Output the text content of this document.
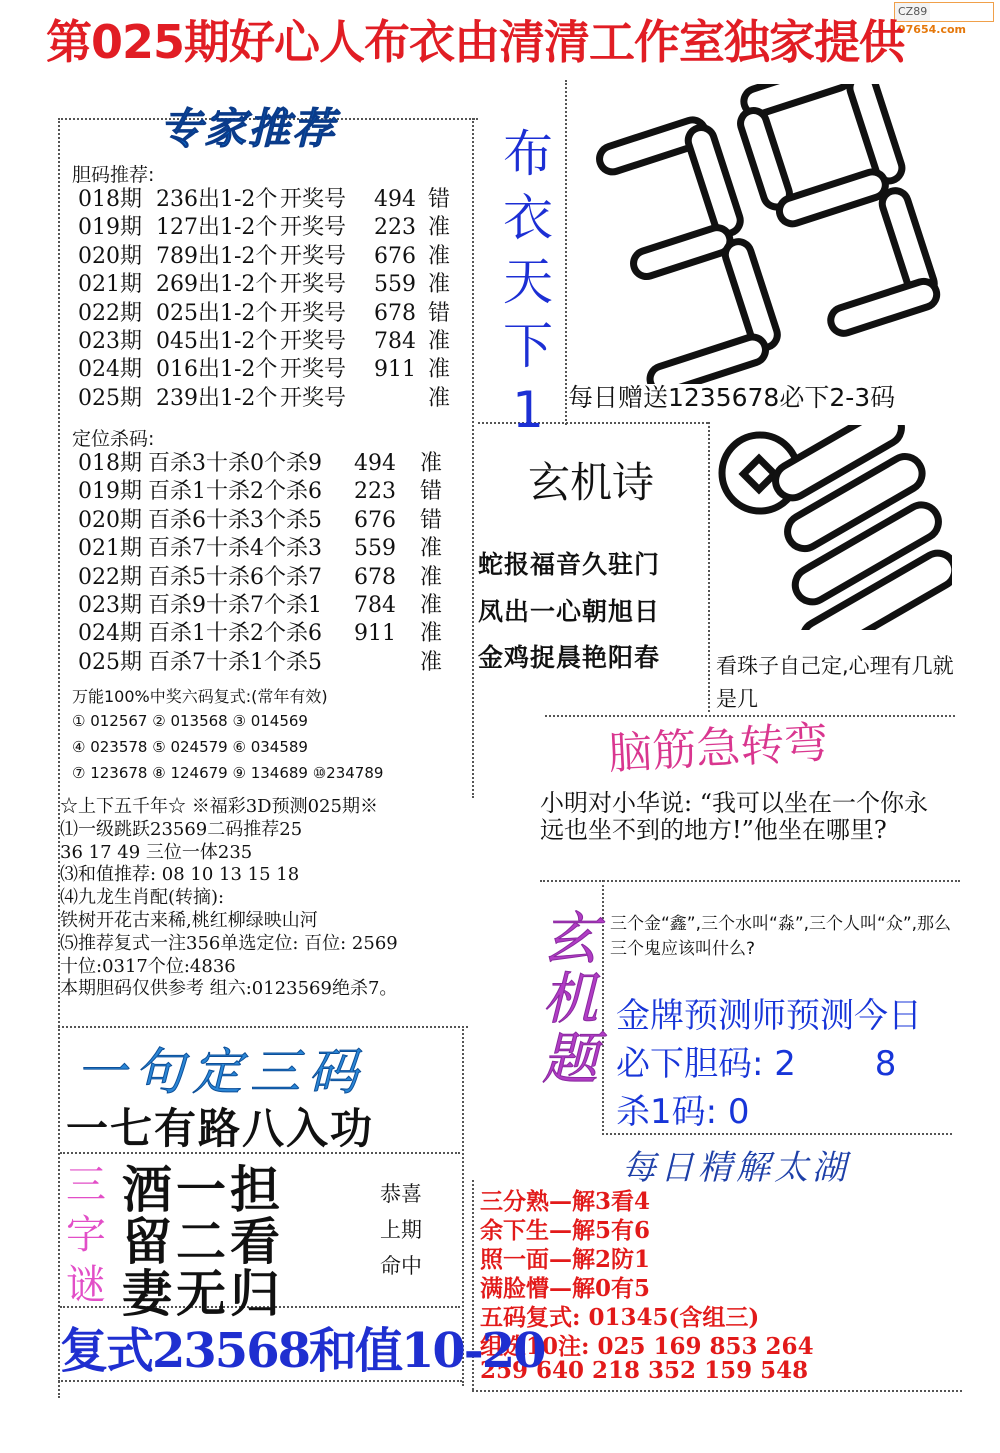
CZ8997654.com
第025期好心人布衣由清清工作室独家提供
专家推荐
胆码推荐:
018期 236出1-2个 开奖号 494 错
019期 127出1-2个 开奖号 223 准
020期 789出1-2个 开奖号 676 准
021期 269出1-2个 开奖号 559 准
022期 025出1-2个 开奖号 678 错
023期 045出1-2个 开奖号 784 准
024期 016出1-2个 开奖号 911 准
025期 239出1-2个 开奖号	准
定位杀码:
018期 百杀3十杀0个杀9 494 准
019期 百杀1十杀2个杀6 223 错
020期 百杀6十杀3个杀5 676 错
021期 百杀7十杀4个杀3 559 准
022期 百杀5十杀6个杀7 678 准
023期 百杀9十杀7个杀1 784 准
024期 百杀1十杀2个杀6 911 准
025期 百杀7十杀1个杀5	准
万能100%中奖六码复式:(常年有效)
① 012567 ② 013568 ③ 014569
④ 023578 ⑤ 024579 ⑥ 034589
⑦ 123678 ⑧ 124679 ⑨ 134689 ⑩234789
☆上下五千年☆ ※福彩3D预测025期※
⑴一级跳跃23569二码推荐25
36 17 49 三位一体235
⑶和值推荐: 08 10 13 15 18
⑷九龙生肖配(转摘):
铁树开花古来稀,桃红柳绿映山河
⑸推荐复式一注356单选定位: 百位: 2569
十位:0317个位:4836
本期胆码仅供参考 组六:0123569绝杀7。
布
衣
天
下
1 每日赠送1235678必下2-3码
玄机诗
蛇报福音久驻门
凤出一心朝旭日
金鸡捉晨艳阳春	看珠子自己定,心理有几就是几
脑筋急转弯
小明对小华说: “我可以坐在一个你永远也坐不到的地方!”他坐在哪里?
玄
机
题
三个金“鑫”,三个水叫“淼”,三个人叫“众”,那么三个鬼应该叫什么?
金牌预测师预测今日
必下胆码: 2　　 8
杀1码: 0
每日精解太湖
三分熟—解3看4
余下生—解5有6
照一面—解2防1
满脸懵—解0有5
五码复式: 01345(含组三)
组选10注: 025 169 853 264
259 640 218 352 159 548
一句定三码
一七有路八入功
三
字
谜
酒一担
留二看
妻无归
恭喜
上期
命中
复式23568和值10-20
